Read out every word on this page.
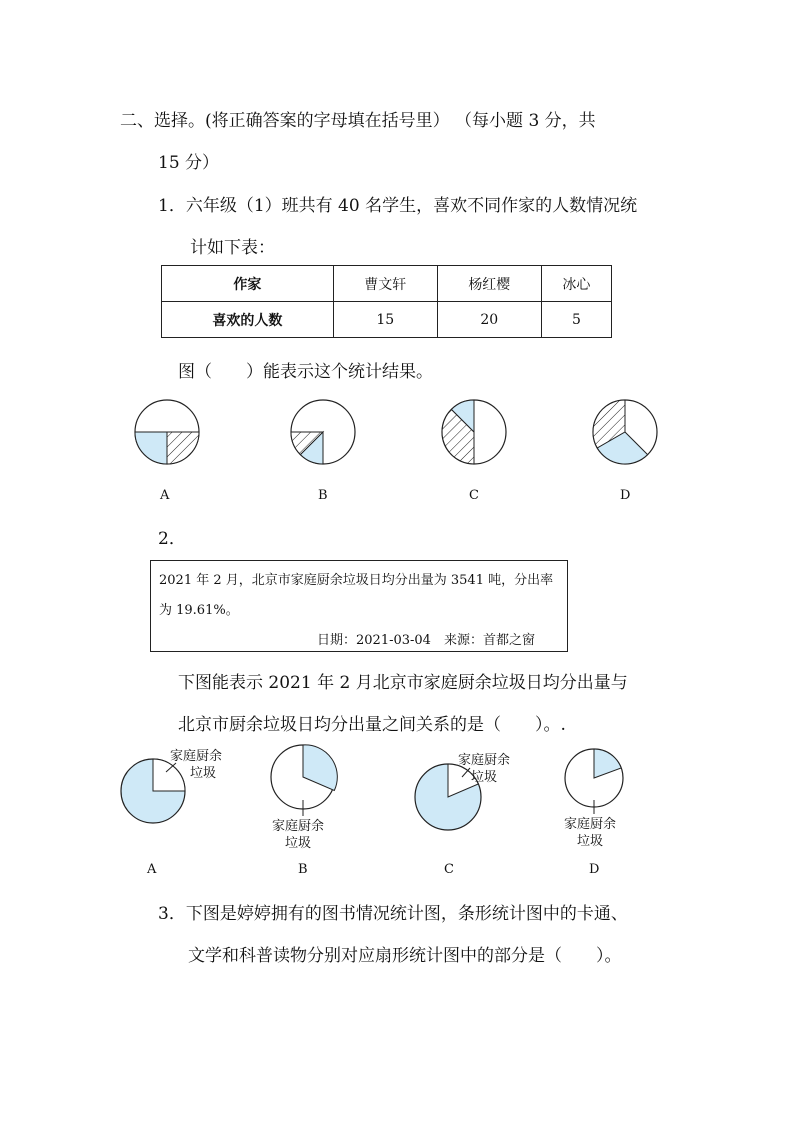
二、选择。(将正确答案的字母填在括号里） （每小题 3 分，共
15 分）
1．六年级（1）班共有 40 名学生，喜欢不同作家的人数情况统
计如下表：
作家	曹文轩	杨红樱	冰心
喜欢的人数	15	20	5
图（　　）能表示这个统计结果。
A	B	C	D
2．
2021 年 2 月，北京市家庭厨余垃圾日均分出量为 3541 吨，分出率
为 19.61%。
日期：2021-03-04　来源：首都之窗
下图能表示 2021 年 2 月北京市家庭厨余垃圾日均分出量与
北京市厨余垃圾日均分出量之间关系的是（　　）。.
家庭厨余
垃圾
家庭厨余
垃圾
家庭厨余
垃圾
家庭厨余
垃圾
A	B	C	D
3．下图是婷婷拥有的图书情况统计图，条形统计图中的卡通、
文学和科普读物分别对应扇形统计图中的部分是（　　）。
